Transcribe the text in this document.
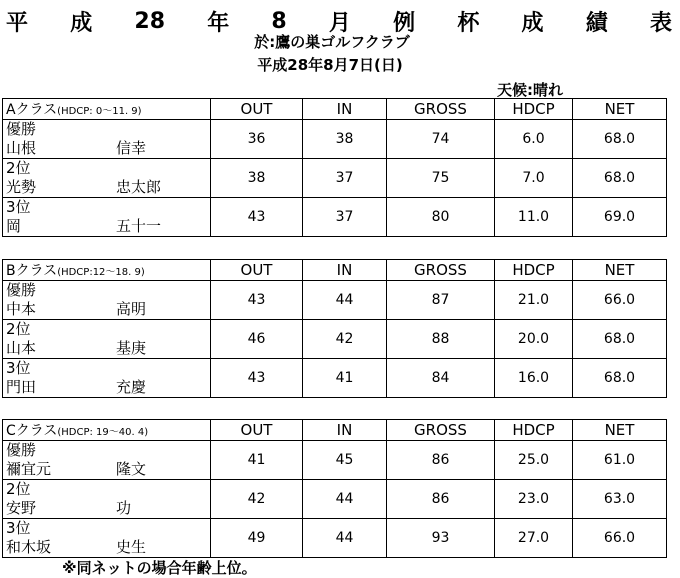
平 成 28 年 8 月 例 杯 成 績 表
於:鷹の巣ゴルフクラブ
平成28年8月7日(日)
天候:晴れ
Aクラス(HDCP: 0～11. 9)	OUT	IN	GROSS	HDCP	NET

優勝
山根 信幸	36	38	74	6.0	68.0

2位
光勢 忠太郎	38	37	75	7.0	68.0

3位
岡 五十一	43	37	80	11.0	69.0
Bクラス(HDCP:12～18. 9)	OUT	IN	GROSS	HDCP	NET

優勝
中本 高明	43	44	87	21.0	66.0

2位
山本 基庚	46	42	88	20.0	68.0

3位
門田 充慶	43	41	84	16.0	68.0
Cクラス(HDCP: 19～40. 4)	OUT	IN	GROSS	HDCP	NET

優勝
禰宜元 隆文	41	45	86	25.0	61.0

2位
安野 功	42	44	86	23.0	63.0

3位
和木坂 史生	49	44	93	27.0	66.0
※同ネットの場合年齢上位。
